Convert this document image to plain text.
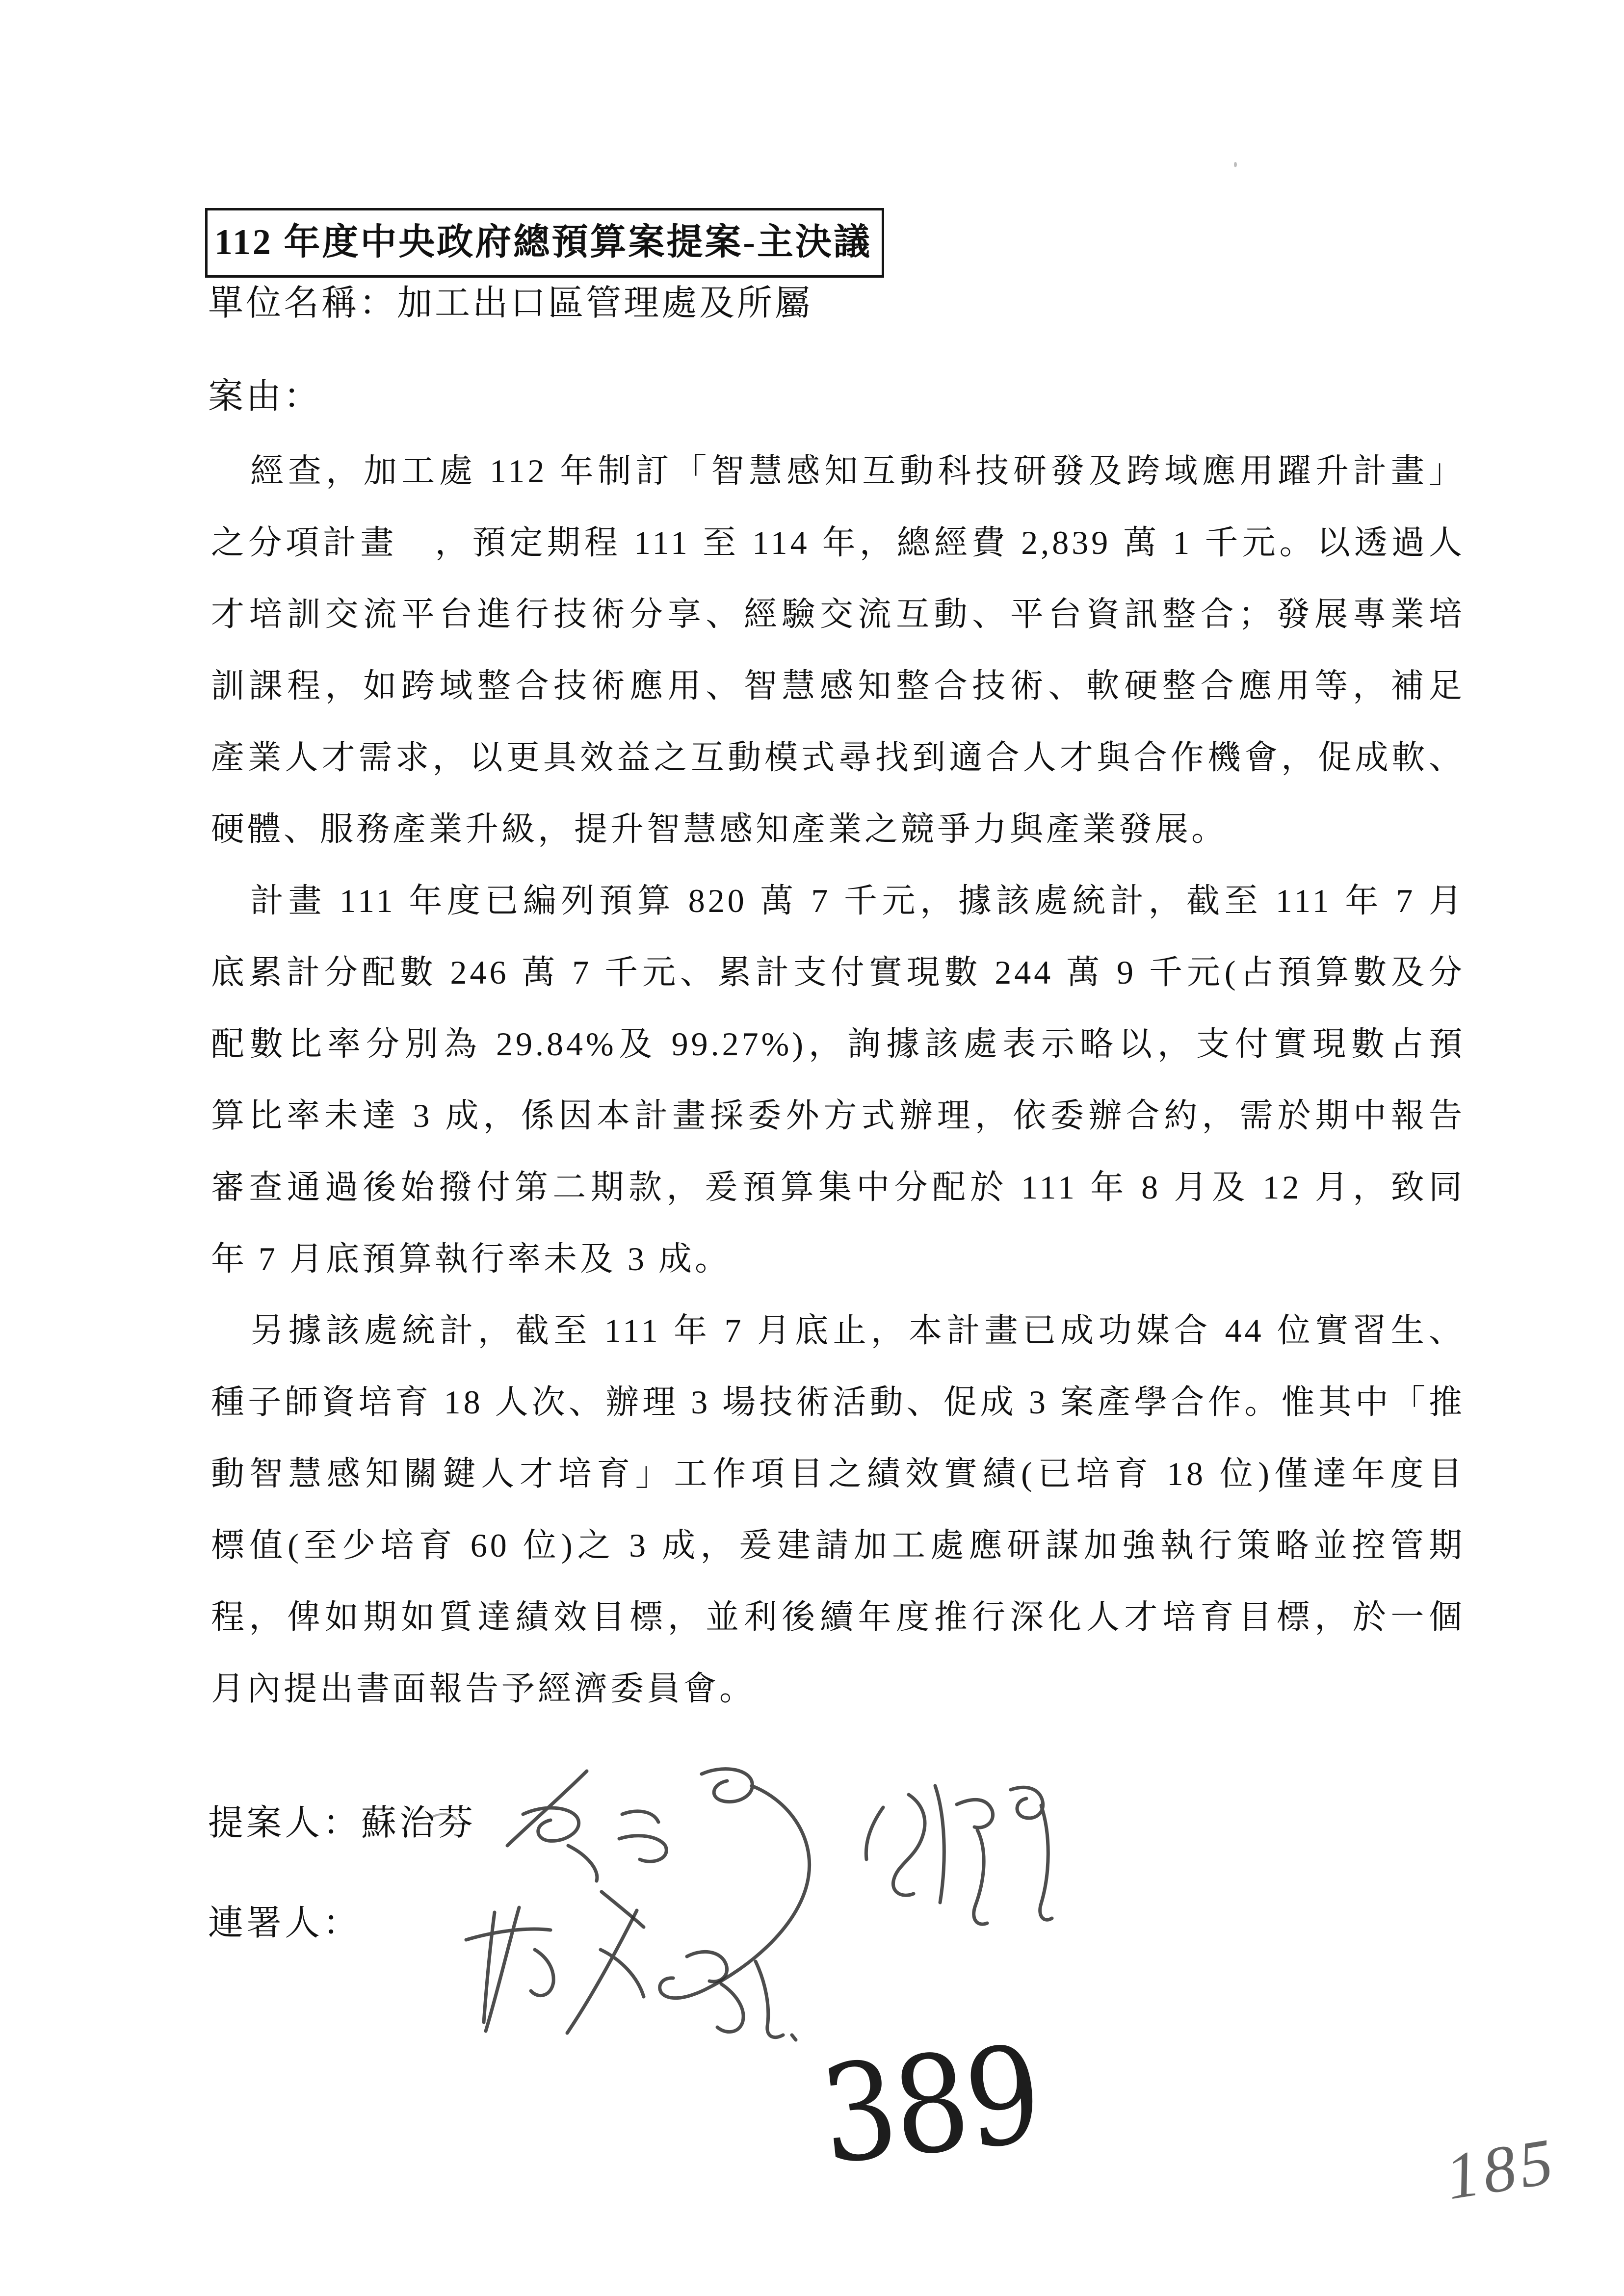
112 年度中央政府總預算案提案-主決議
單位名稱：加工出口區管理處及所屬
案由：
經查，加工處 112 年制訂「智慧感知互動科技研發及跨域應用躍升計畫」
之分項計畫　，預定期程 111 至 114 年，總經費 2,839 萬 1 千元。以透過人
才培訓交流平台進行技術分享、經驗交流互動、平台資訊整合；發展專業培
訓課程，如跨域整合技術應用、智慧感知整合技術、軟硬整合應用等，補足
產業人才需求，以更具效益之互動模式尋找到適合人才與合作機會，促成軟、
硬體、服務產業升級，提升智慧感知產業之競爭力與產業發展。
計畫 111 年度已編列預算 820 萬 7 千元，據該處統計，截至 111 年 7 月
底累計分配數 246 萬 7 千元、累計支付實現數 244 萬 9 千元(占預算數及分
配數比率分別為 29.84%及 99.27%)，詢據該處表示略以，支付實現數占預
算比率未達 3 成，係因本計畫採委外方式辦理，依委辦合約，需於期中報告
審查通過後始撥付第二期款，爰預算集中分配於 111 年 8 月及 12 月，致同
年 7 月底預算執行率未及 3 成。
另據該處統計，截至 111 年 7 月底止，本計畫已成功媒合 44 位實習生、
種子師資培育 18 人次、辦理 3 場技術活動、促成 3 案產學合作。惟其中「推
動智慧感知關鍵人才培育」工作項目之績效實績(已培育 18 位)僅達年度目
標值(至少培育 60 位)之 3 成，爰建請加工處應研謀加強執行策略並控管期
程，俾如期如質達績效目標，並利後續年度推行深化人才培育目標，於一個
月內提出書面報告予經濟委員會。
提案人：蘇治芬
連署人：
389	185
